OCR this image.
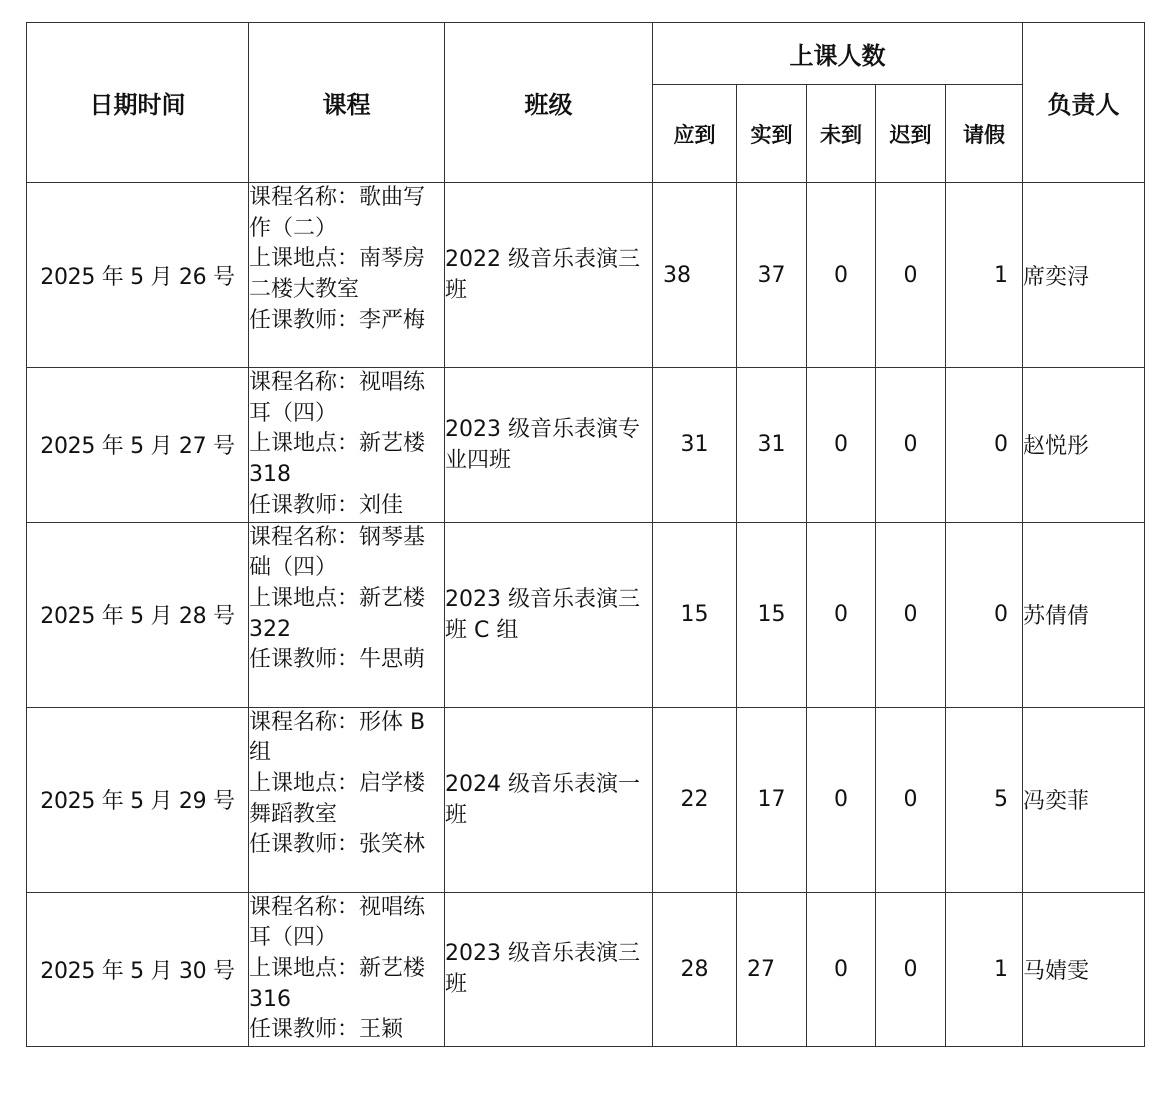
日期时间	课程	班级	上课人数					负责人
			应到	实到	未到	迟到	请假	
2025 年 5 月 26 号	课程名称：歌曲写作（二）
上课地点：南琴房二楼大教室
任课教师：李严梅	2022 级音乐表演三班	38	37	0	0	1	席奕浔
2025 年 5 月 27 号	课程名称：视唱练耳（四）
上课地点：新艺楼 318
任课教师：刘佳	2023 级音乐表演专业四班	31	31	0	0	0	赵悦彤
2025 年 5 月 28 号	课程名称：钢琴基础（四）
上课地点：新艺楼 322
任课教师：牛思萌	2023 级音乐表演三班 C 组	15	15	0	0	0	苏倩倩
2025 年 5 月 29 号	课程名称：形体 B 组
上课地点：启学楼舞蹈教室
任课教师：张笑林	2024 级音乐表演一班	22	17	0	0	5	冯奕菲
2025 年 5 月 30 号	课程名称：视唱练耳（四）
上课地点：新艺楼 316
任课教师：王颖	2023 级音乐表演三班	28	27	0	0	1	马婧雯
